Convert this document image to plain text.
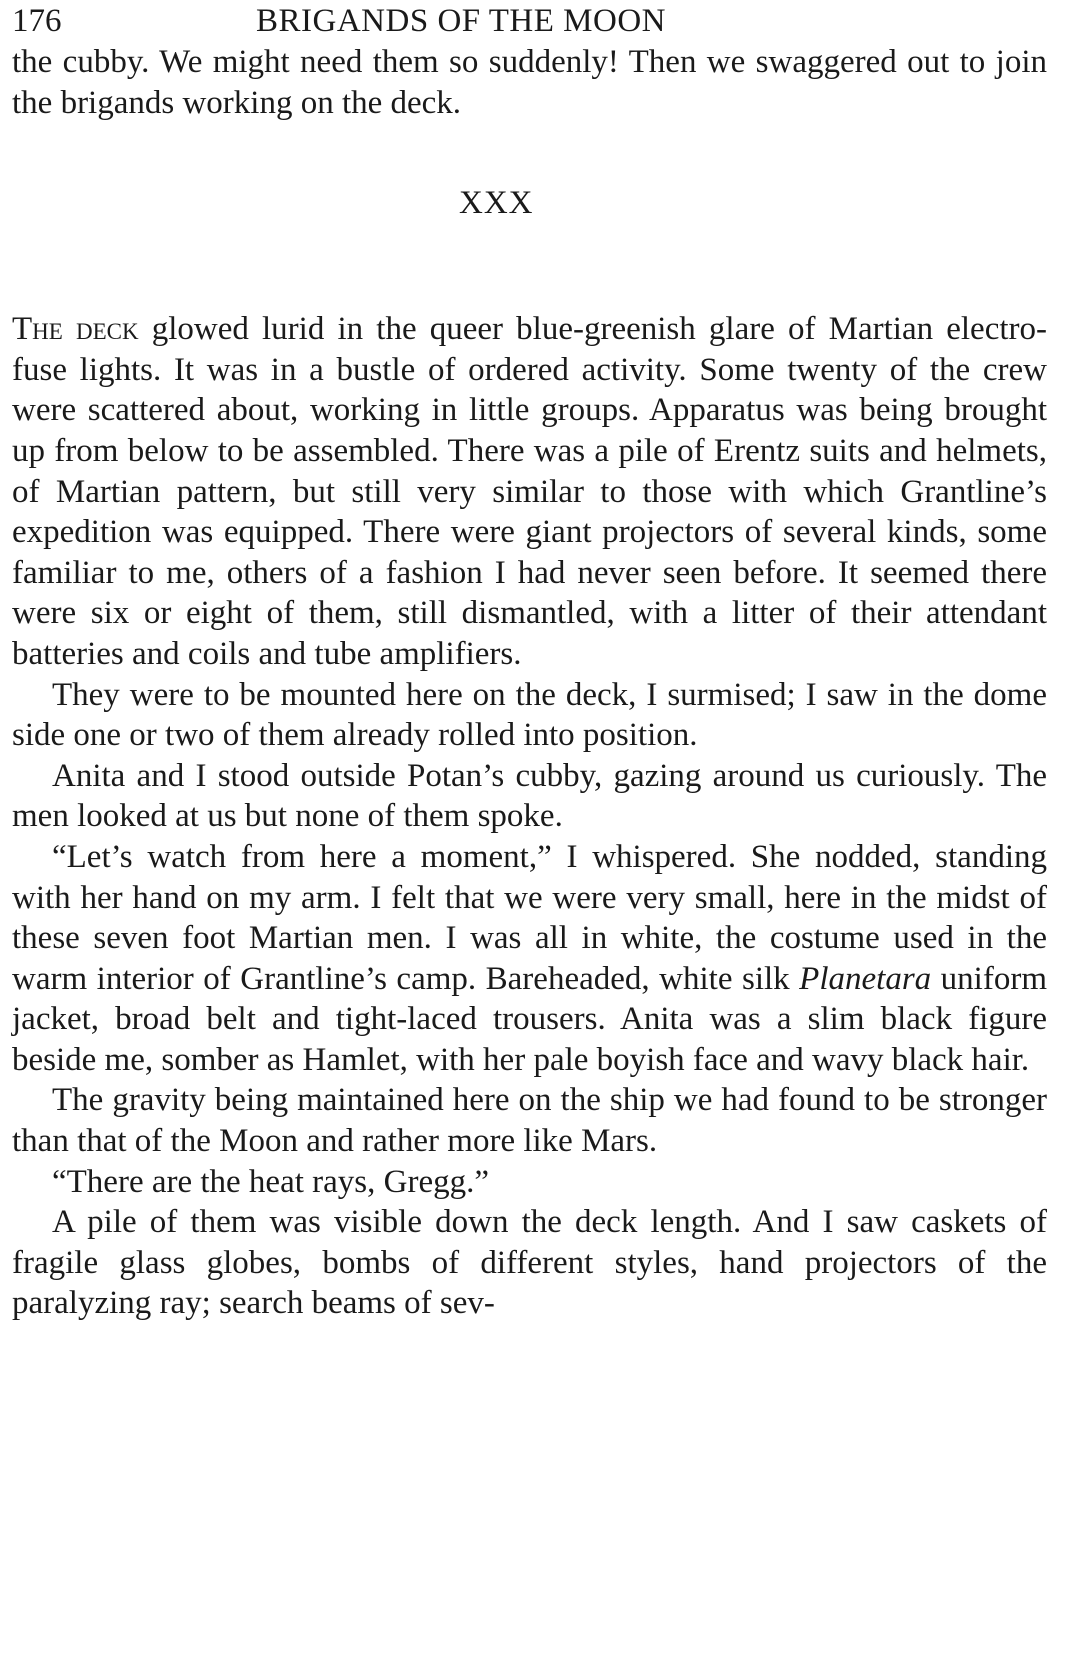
176	BRIGANDS OF THE MOON

the cubby. We might need them so suddenly! Then we swaggered out to join the brigands working on the deck.

XXX

The deck glowed lurid in the queer blue-greenish glare of Martian electro-fuse lights. It was in a bustle of ordered activity. Some twenty of the crew were scattered about, working in little groups. Apparatus was being brought up from below to be assembled. There was a pile of Erentz suits and helmets, of Martian pattern, but still very similar to those with which Grantline’s expedition was equipped. There were giant projectors of several kinds, some familiar to me, others of a fashion I had never seen before. It seemed there were six or eight of them, still dismantled, with a litter of their attendant batteries and coils and tube amplifiers.

They were to be mounted here on the deck, I surmised; I saw in the dome side one or two of them already rolled into position.

Anita and I stood outside Potan’s cubby, gazing around us curiously. The men looked at us but none of them spoke.

“Let’s watch from here a moment,” I whispered. She nodded, standing with her hand on my arm. I felt that we were very small, here in the midst of these seven foot Martian men. I was all in white, the costume used in the warm interior of Grantline’s camp. Bareheaded, white silk Planetara uniform jacket, broad belt and tight-laced trousers. Anita was a slim black figure beside me, somber as Hamlet, with her pale boyish face and wavy black hair.

The gravity being maintained here on the ship we had found to be stronger than that of the Moon and rather more like Mars.

“There are the heat rays, Gregg.”

A pile of them was visible down the deck length. And I saw caskets of fragile glass globes, bombs of different styles, hand projectors of the paralyzing ray; search beams of sev-
